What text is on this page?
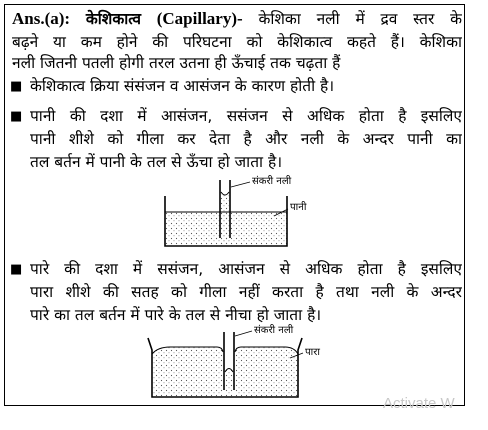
Ans.(a): केशिकात्व (Capillary)- केशिका नली में द्रव स्तर के
बढ़ने या कम होने की परिघटना को केशिकात्व कहते हैं। केशिका
नली जितनी पतली होगी तरल उतना ही ऊँचाई तक चढ़ता हैं
■ केशिकात्व क्रिया संसंजन व आसंजन के कारण होती है।
■ पानी की दशा में आसंजन, ससंजन से अधिक होता है इसलिए
पानी शीशे को गीला कर देता है और नली के अन्दर पानी का
तल बर्तन में पानी के तल से ऊँचा हो जाता है।
संकरी नली
पानी
■ पारे की दशा में ससंजन, आसंजन से अधिक होता है इसलिए
पारा शीशे की सतह को गीला नहीं करता है तथा नली के अन्दर
पारे का तल बर्तन में पारे के तल से नीचा हो जाता है।
संकरी नली
पारा
Activate W
